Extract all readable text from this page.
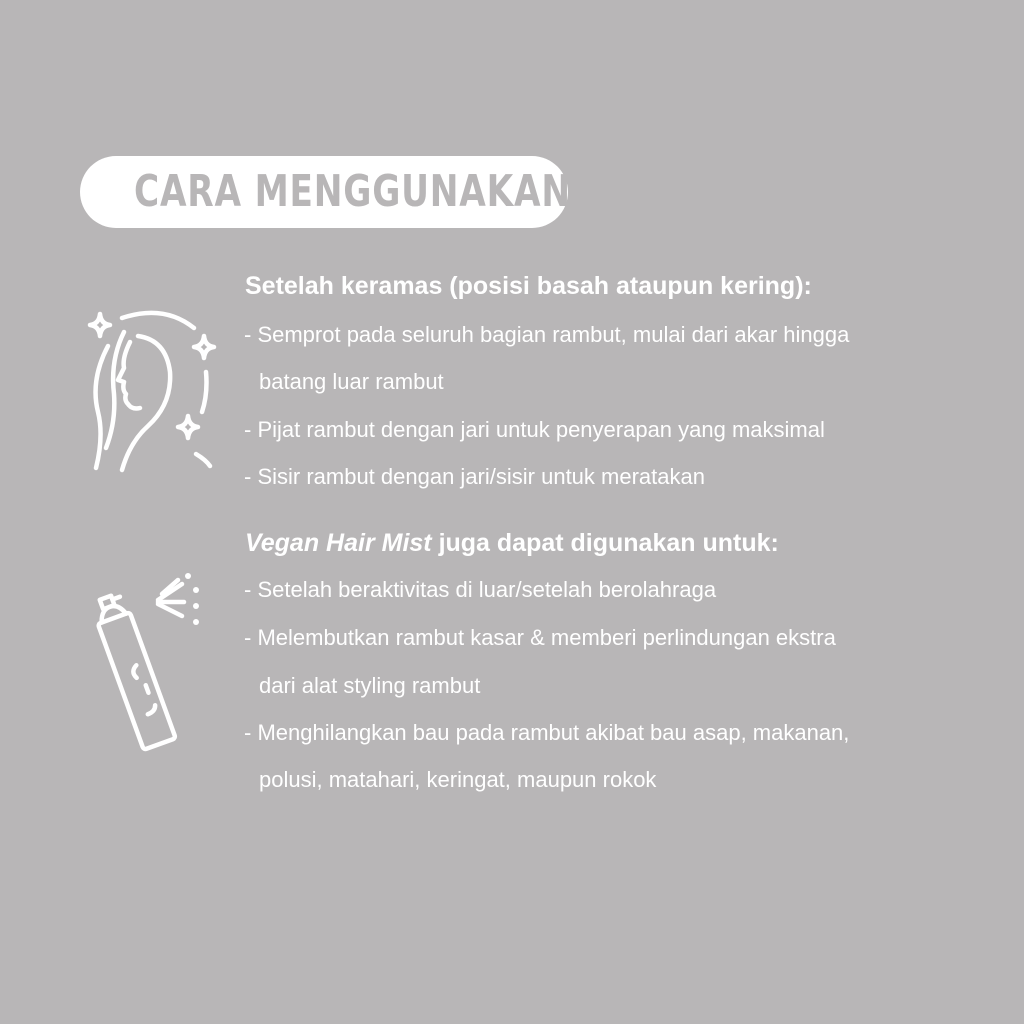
CARA MENGGUNAKAN
Setelah keramas (posisi basah ataupun kering):
- Semprot pada seluruh bagian rambut, mulai dari akar hingga
batang luar rambut
- Pijat rambut dengan jari untuk penyerapan yang maksimal
- Sisir rambut dengan jari/sisir untuk meratakan
Vegan Hair Mist juga dapat digunakan untuk:
- Setelah beraktivitas di luar/setelah berolahraga
- Melembutkan rambut kasar & memberi perlindungan ekstra
dari alat styling rambut
- Menghilangkan bau pada rambut akibat bau asap, makanan,
polusi, matahari, keringat, maupun rokok
